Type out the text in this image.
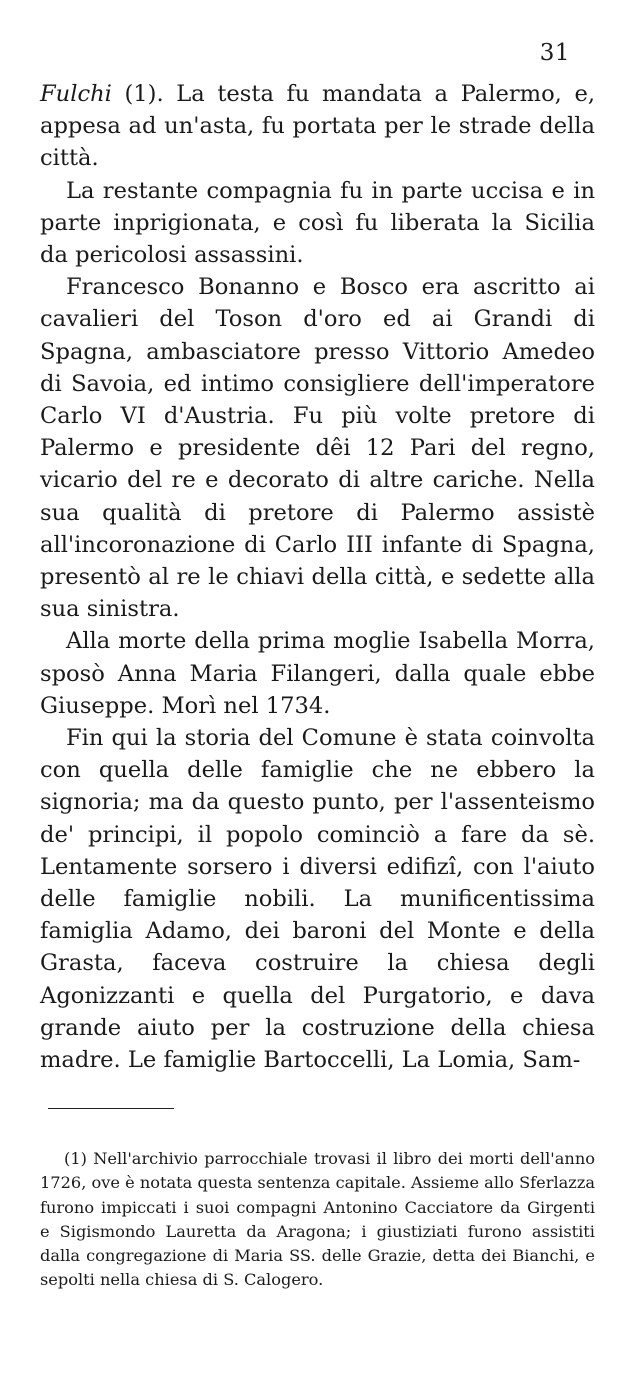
31

Fulchi (1). La testa fu mandata a Palermo, e, appesa ad un'asta, fu portata per le strade della città.

La restante compagnia fu in parte uccisa e in parte inprigionata, e così fu liberata la Sicilia da pericolosi assassini.

Francesco Bonanno e Bosco era ascritto ai cavalieri del Toson d'oro ed ai Grandi di Spagna, ambasciatore presso Vittorio Amedeo di Savoia, ed intimo consigliere dell'imperatore Carlo VI d'Austria. Fu più volte pretore di Palermo e presidente dêi 12 Pari del regno, vicario del re e decorato di altre cariche. Nella sua qualità di pretore di Palermo assistè all'incoronazione di Carlo III infante di Spagna, presentò al re le chiavi della città, e sedette alla sua sinistra.

Alla morte della prima moglie Isabella Morra, sposò Anna Maria Filangeri, dalla quale ebbe Giuseppe. Morì nel 1734.

Fin qui la storia del Comune è stata coinvolta con quella delle famiglie che ne ebbero la signoria; ma da questo punto, per l'assenteismo de' principi, il popolo cominciò a fare da sè. Lentamente sorsero i diversi edifizî, con l'aiuto delle famiglie nobili. La munificentissima famiglia Adamo, dei baroni del Monte e della Grasta, faceva costruire la chiesa degli Agonizzanti e quella del Purgatorio, e dava grande aiuto per la costruzione della chiesa madre. Le famiglie Bartoccelli, La Lomia, Sam-

(1) Nell'archivio parrocchiale trovasi il libro dei morti dell'anno 1726, ove è notata questa sentenza capitale. Assieme allo Sferlazza furono impiccati i suoi compagni Antonino Cacciatore da Girgenti e Sigismondo Lauretta da Aragona; i giustiziati furono assistiti dalla congregazione di Maria SS. delle Grazie, detta dei Bianchi, e sepolti nella chiesa di S. Calogero.
